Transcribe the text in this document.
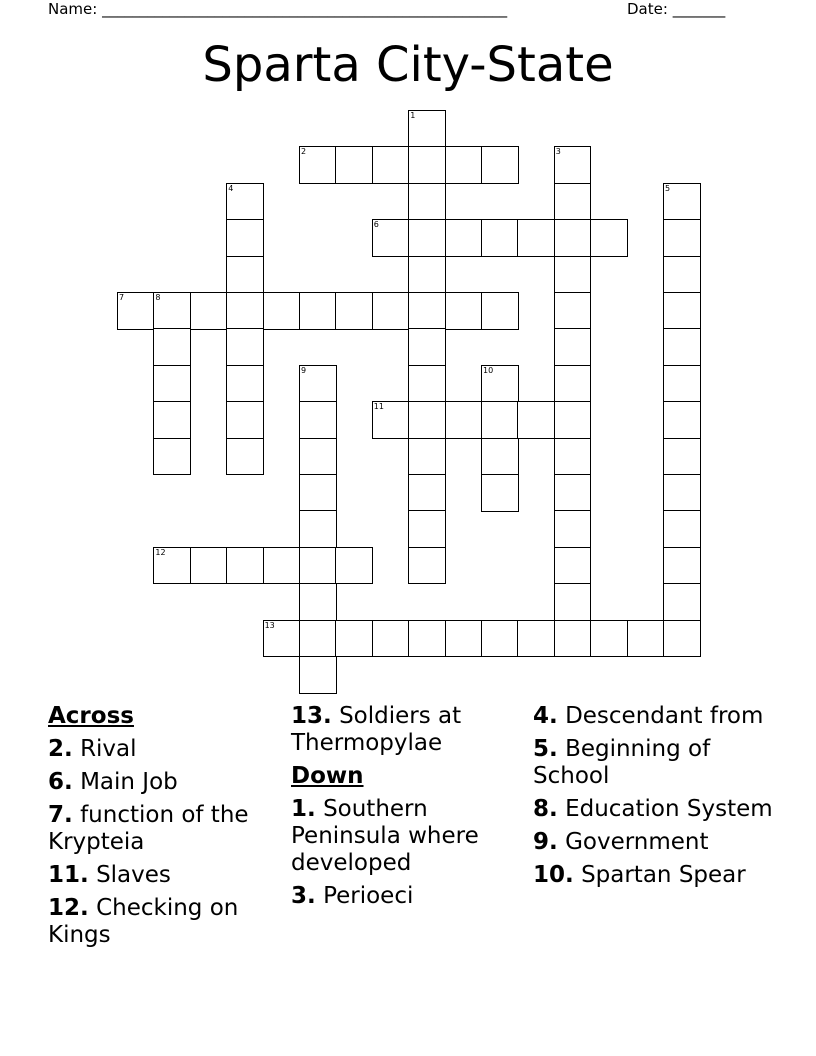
Name: ______________________________________________________	Date: _______
Sparta City-State
1
2	3
4	5
6
7	8
9	10
11
12
13
Across
2. Rival
6. Main Job
7. function of the Krypteia
11. Slaves
12. Checking on Kings
13. Soldiers at Thermopylae
Down
1. Southern Peninsula where developed
3. Perioeci
4. Descendant from
5. Beginning of School
8. Education System
9. Government
10. Spartan Spear
